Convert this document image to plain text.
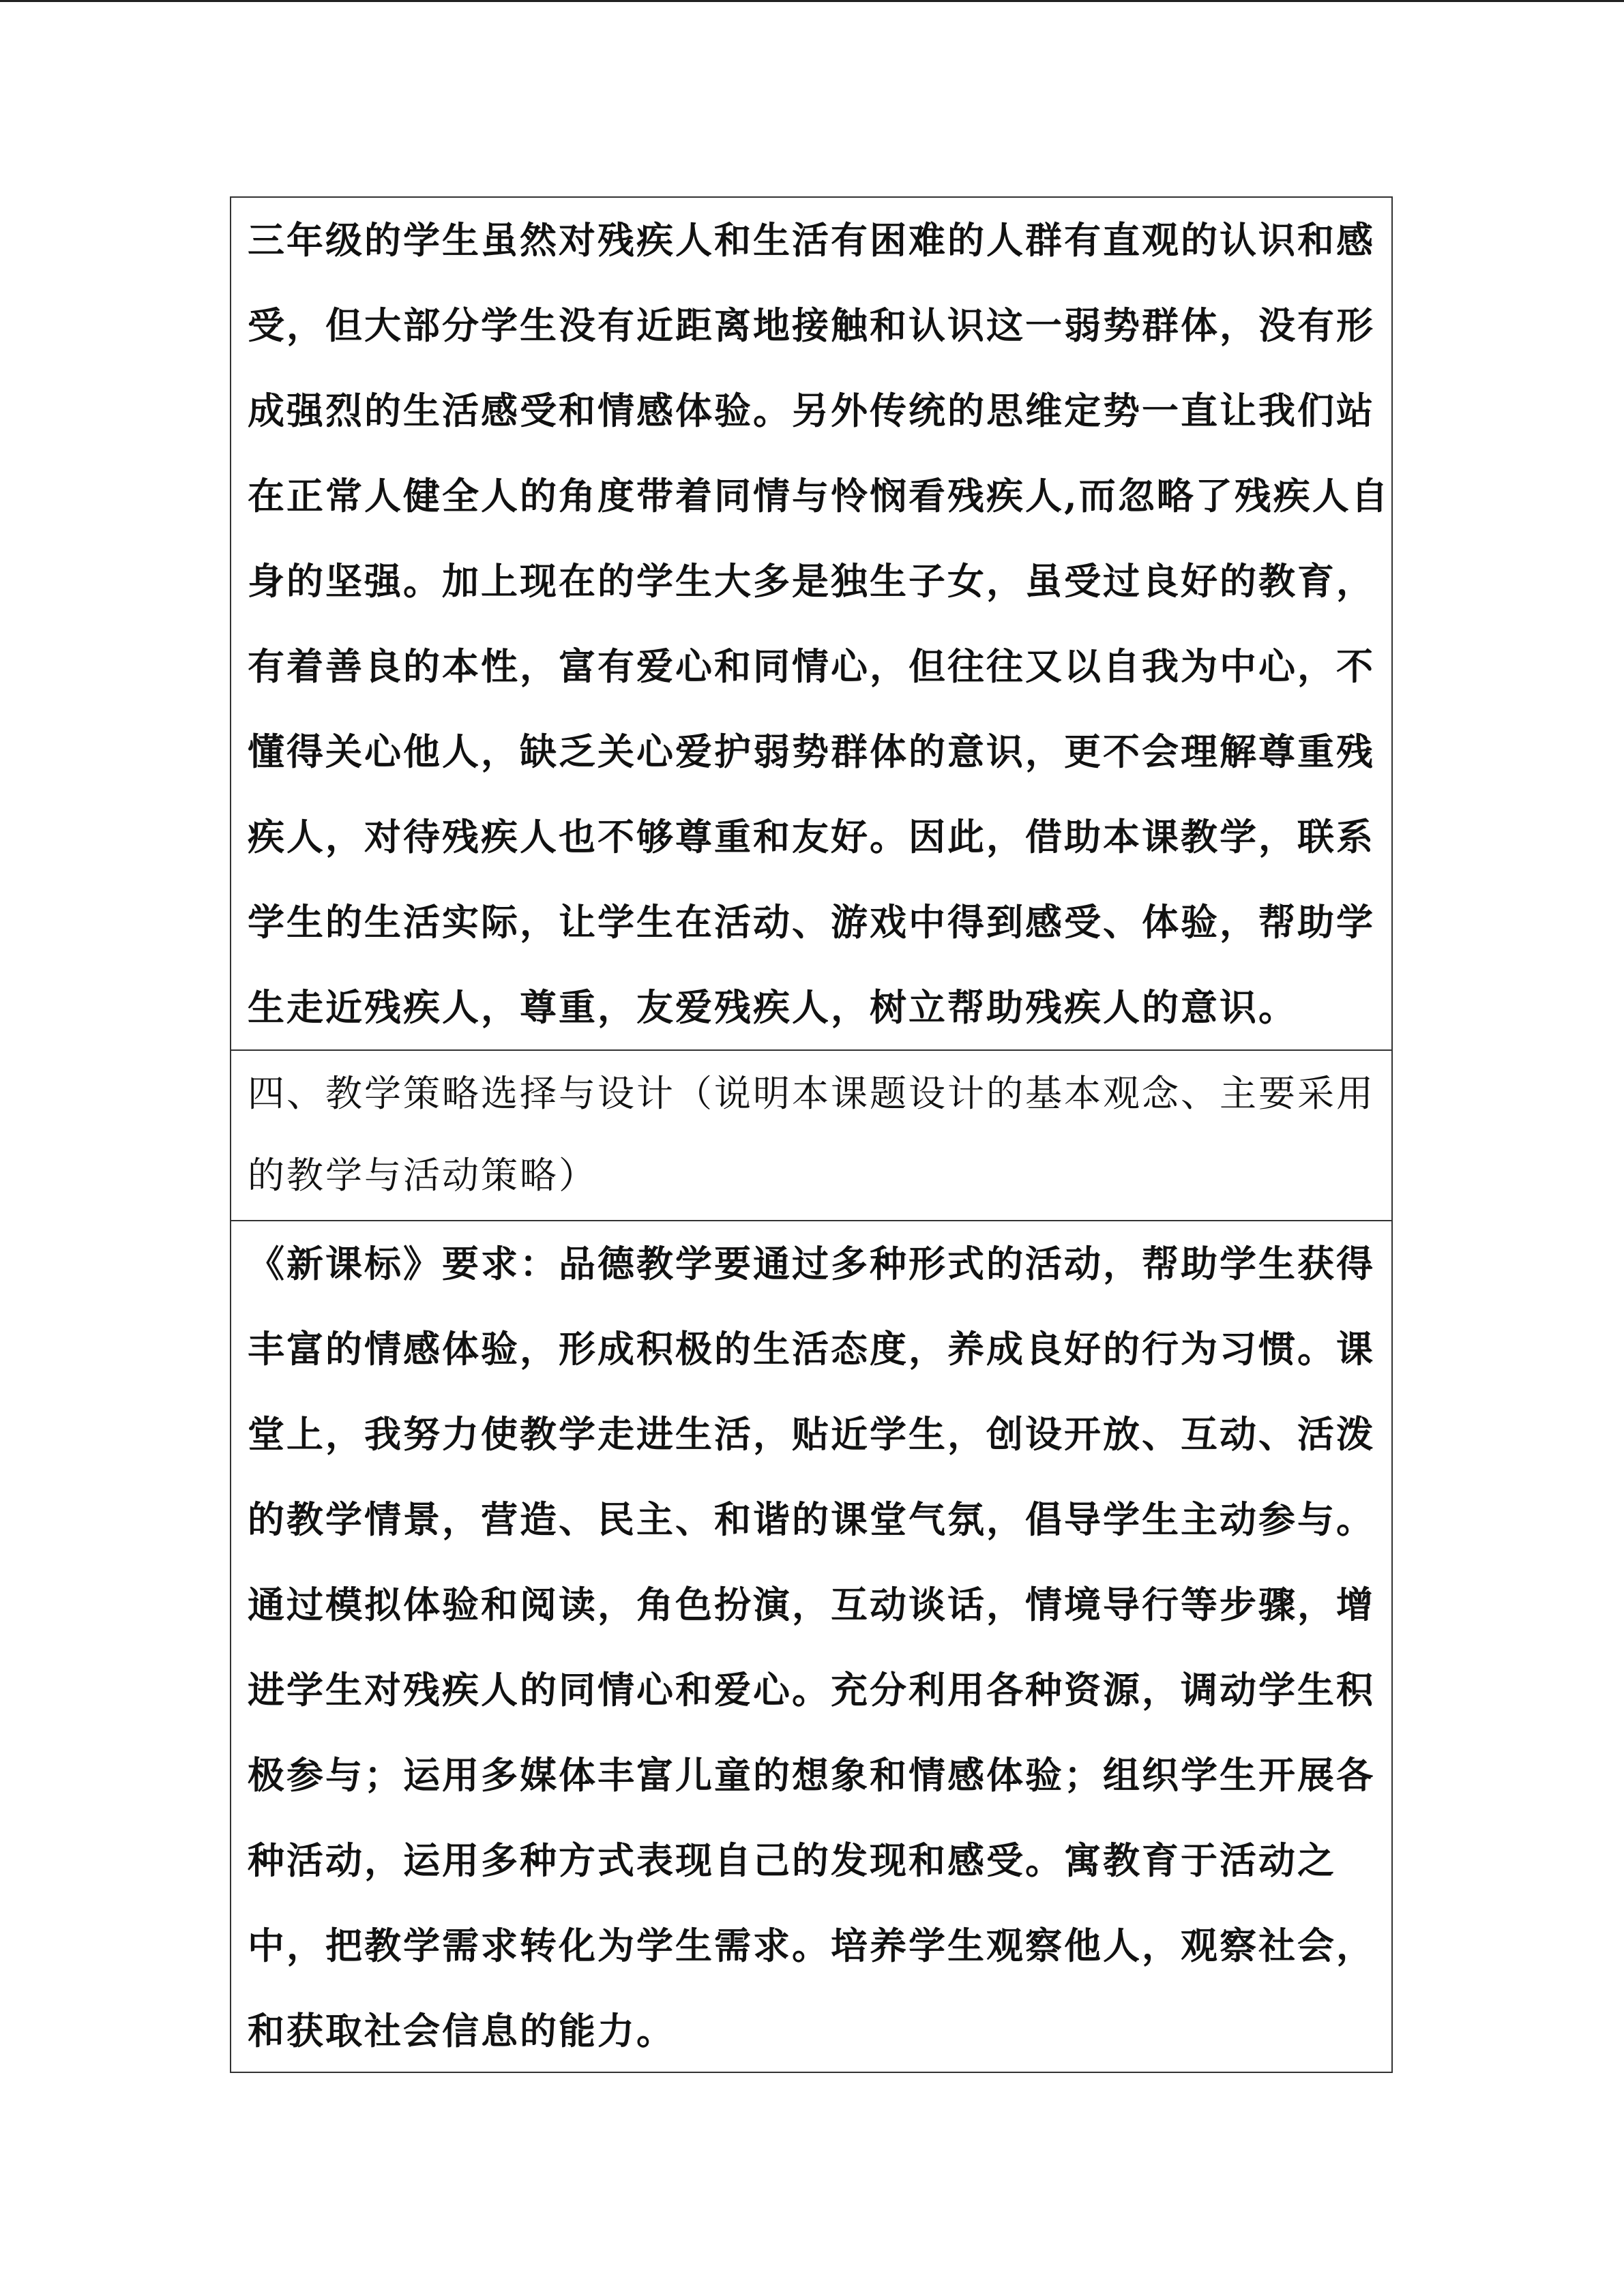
三年级的学生虽然对残疾人和生活有困难的人群有直观的认识和感
受，但大部分学生没有近距离地接触和认识这一弱势群体，没有形
成强烈的生活感受和情感体验。另外传统的思维定势一直让我们站
在正常人健全人的角度带着同情与怜悯看残疾人,而忽略了残疾人自
身的坚强。加上现在的学生大多是独生子女，虽受过良好的教育，
有着善良的本性，富有爱心和同情心，但往往又以自我为中心，不
懂得关心他人，缺乏关心爱护弱势群体的意识，更不会理解尊重残
疾人，对待残疾人也不够尊重和友好。因此，借助本课教学，联系
学生的生活实际，让学生在活动、游戏中得到感受、体验，帮助学
生走近残疾人，尊重，友爱残疾人，树立帮助残疾人的意识。
四、教学策略选择与设计（说明本课题设计的基本观念、主要采用
的教学与活动策略）
《新课标》要求：品德教学要通过多种形式的活动，帮助学生获得
丰富的情感体验，形成积极的生活态度，养成良好的行为习惯。课
堂上，我努力使教学走进生活，贴近学生，创设开放、互动、活泼
的教学情景，营造、民主、和谐的课堂气氛，倡导学生主动参与。
通过模拟体验和阅读，角色扮演，互动谈话，情境导行等步骤，增
进学生对残疾人的同情心和爱心。充分利用各种资源，调动学生积
极参与；运用多媒体丰富儿童的想象和情感体验；组织学生开展各
种活动，运用多种方式表现自己的发现和感受。寓教育于活动之
中，把教学需求转化为学生需求。培养学生观察他人，观察社会，
和获取社会信息的能力。
